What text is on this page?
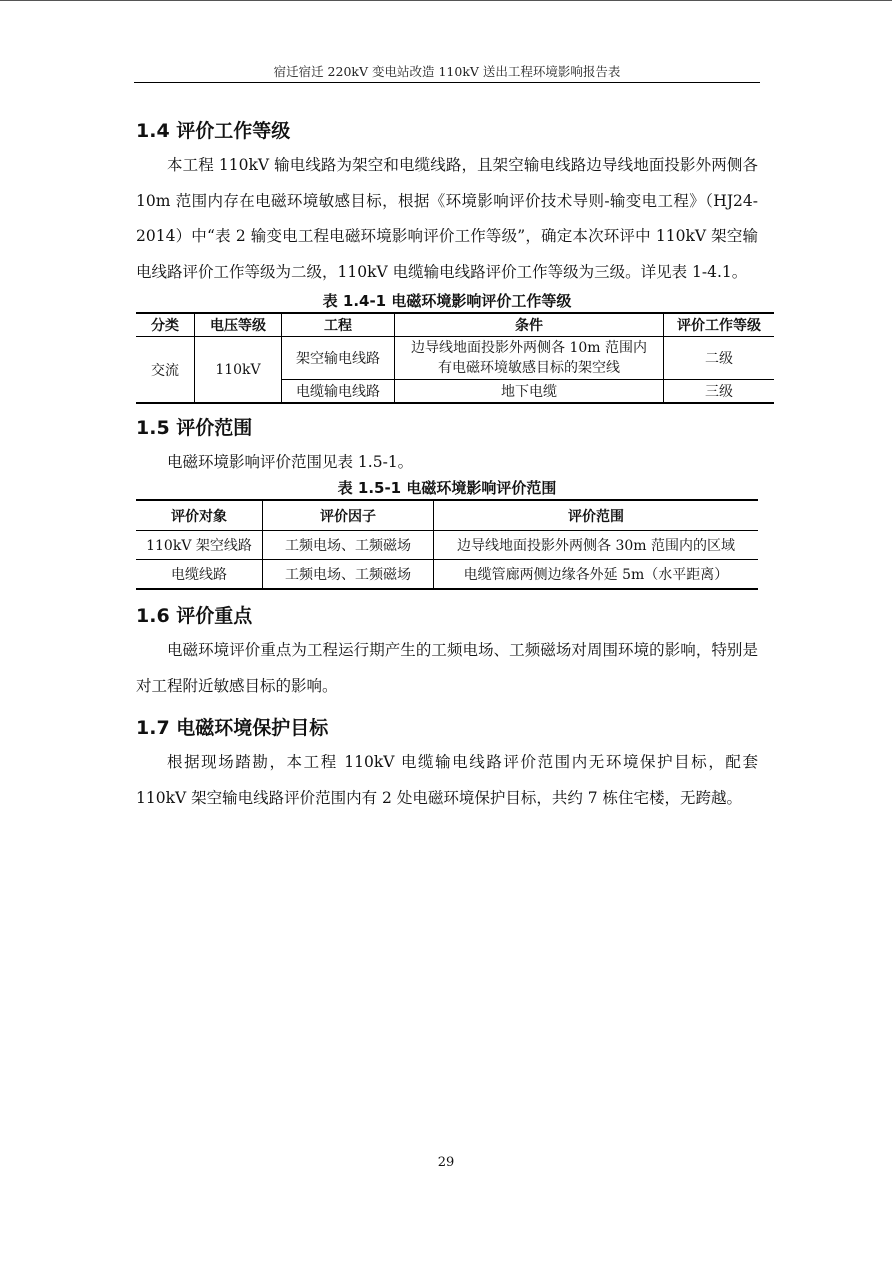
宿迁宿迁 220kV 变电站改造 110kV 送出工程环境影响报告表
1.4 评价工作等级

本工程 110kV 输电线路为架空和电缆线路，且架空输电线路边导线地面投影外两侧各 10m 范围内存在电磁环境敏感目标，根据《环境影响评价技术导则-输变电工程》（HJ24-2014）中“表 2 输变电工程电磁环境影响评价工作等级”，确定本次环评中 110kV 架空输电线路评价工作等级为二级，110kV 电缆输电线路评价工作等级为三级。详见表 1-4.1。

表 1.4-1 电磁环境影响评价工作等级

分类	电压等级	工程	条件	评价工作等级
交流	110kV	架空输电线路	边导线地面投影外两侧各 10m 范围内
有电磁环境敏感目标的架空线	二级
		电缆输电线路	地下电缆	三级
1.5 评价范围

电磁环境影响评价范围见表 1.5-1。

表 1.5-1 电磁环境影响评价范围

评价对象	评价因子	评价范围
110kV 架空线路	工频电场、工频磁场	边导线地面投影外两侧各 30m 范围内的区域
电缆线路	工频电场、工频磁场	电缆管廊两侧边缘各外延 5m（水平距离）
1.6 评价重点

电磁环境评价重点为工程运行期产生的工频电场、工频磁场对周围环境的影响，特别是对工程附近敏感目标的影响。

1.7 电磁环境保护目标

根据现场踏勘，本工程 110kV 电缆输电线路评价范围内无环境保护目标，配套 110kV 架空输电线路评价范围内有 2 处电磁环境保护目标，共约 7 栋住宅楼，无跨越。

29
